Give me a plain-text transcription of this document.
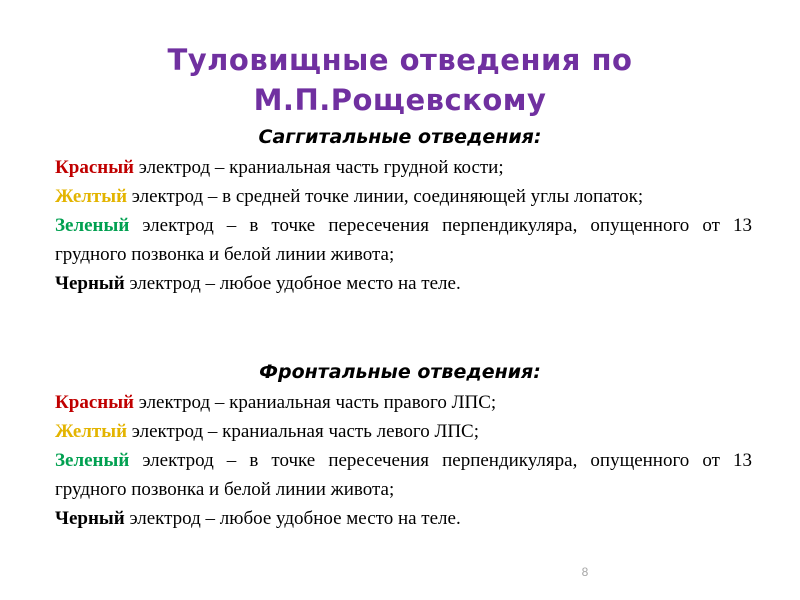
Туловищные отведения по
М.П.Рощевскому
Саггитальные отведения:

Красный электрод – краниальная часть грудной кости;

Желтый электрод – в средней точке линии, соединяющей углы лопаток;

Зеленый электрод – в точке пересечения перпендикуляра, опущенного от 13 грудного позвонка и белой линии живота;

Черный электрод – любое удобное место на теле.

Фронтальные отведения:

Красный электрод – краниальная часть правого ЛПС;

Желтый электрод – краниальная часть левого ЛПС;

Зеленый электрод – в точке пересечения перпендикуляра, опущенного от 13 грудного позвонка и белой линии живота;

Черный электрод – любое удобное место на теле.

8
